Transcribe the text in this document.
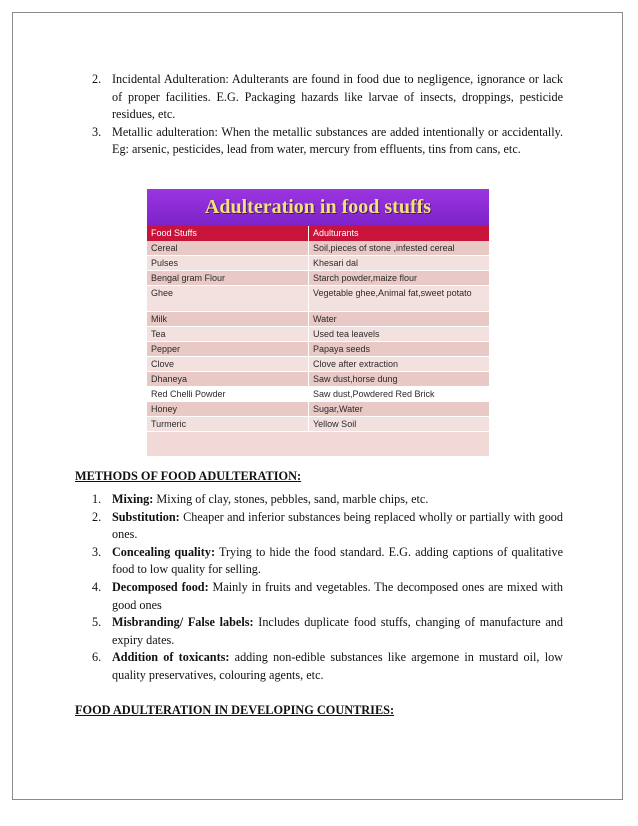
2. Incidental Adulteration: Adulterants are found in food due to negligence, ignorance or lack of proper facilities. E.G. Packaging hazards like larvae of insects, droppings, pesticide residues, etc.
3. Metallic adulteration: When the metallic substances are added intentionally or accidentally. Eg: arsenic, pesticides, lead from water, mercury from effluents, tins from cans, etc.
Adulteration in food stuffs
Food Stuffs	Adulturants
Cereal	Soil,pieces of stone ,infested cereal
Pulses	Khesari dal
Bengal gram Flour	Starch powder,maize flour
Ghee	Vegetable ghee,Animal fat,sweet potato
Milk	Water
Tea	Used tea leavels
Pepper	Papaya seeds
Clove	Clove after extraction
Dhaneya	Saw dust,horse dung
Red Chelli Powder	Saw dust,Powdered Red Brick
Honey	Sugar,Water
Turmeric	Yellow Soil

METHODS OF FOOD ADULTERATION:

1. Mixing: Mixing of clay, stones, pebbles, sand, marble chips, etc.
2. Substitution: Cheaper and inferior substances being replaced wholly or partially with good ones.
3. Concealing quality: Trying to hide the food standard. E.G. adding captions of qualitative food to low quality for selling.
4. Decomposed food: Mainly in fruits and vegetables. The decomposed ones are mixed with good ones
5. Misbranding/ False labels: Includes duplicate food stuffs, changing of manufacture and expiry dates.
6. Addition of toxicants: adding non-edible substances like argemone in mustard oil, low quality preservatives, colouring agents, etc.

FOOD ADULTERATION IN DEVELOPING COUNTRIES:
